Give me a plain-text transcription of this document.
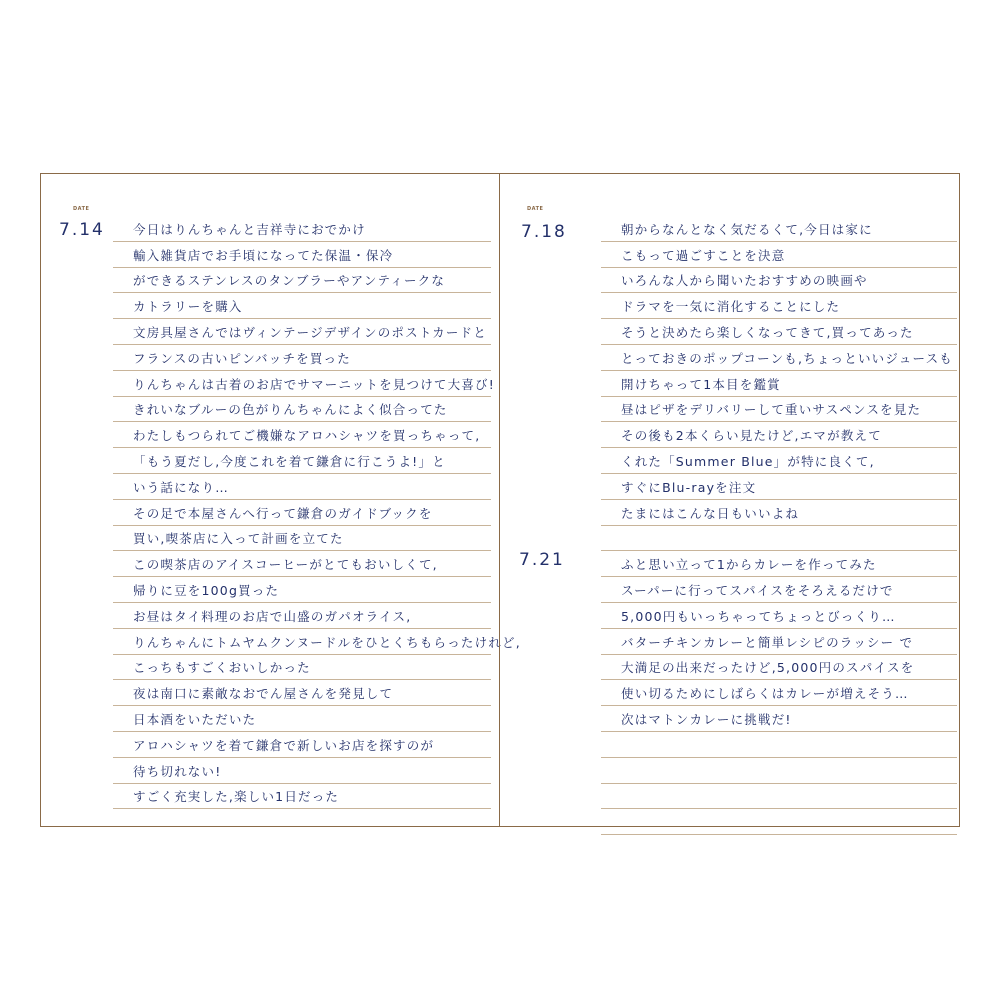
DATE
7.14 今日はりんちゃんと吉祥寺におでかけ
輸入雑貨店でお手頃になってた保温・保冷
ができるステンレスのタンブラーやアンティークな
カトラリーを購入
文房具屋さんではヴィンテージデザインのポストカードと
フランスの古いピンバッチを買った
りんちゃんは古着のお店でサマーニットを見つけて大喜び!
きれいなブルーの色がりんちゃんによく似合ってた
わたしもつられてご機嫌なアロハシャツを買っちゃって,
「もう夏だし,今度これを着て鎌倉に行こうよ!」と
いう話になり…
その足で本屋さんへ行って鎌倉のガイドブックを
買い,喫茶店に入って計画を立てた
この喫茶店のアイスコーヒーがとてもおいしくて,
帰りに豆を100g買った
お昼はタイ料理のお店で山盛のガパオライス,
りんちゃんにトムヤムクンヌードルをひとくちもらったけれど,
こっちもすごくおいしかった
夜は南口に素敵なおでん屋さんを発見して
日本酒をいただいた
アロハシャツを着て鎌倉で新しいお店を探すのが
待ち切れない!
すごく充実した,楽しい1日だった
DATE
7.18
7.21
朝からなんとなく気だるくて,今日は家に
こもって過ごすことを決意
いろんな人から聞いたおすすめの映画や
ドラマを一気に消化することにした
そうと決めたら楽しくなってきて,買ってあった
とっておきのポップコーンも,ちょっといいジュースも
開けちゃって1本目を鑑賞
昼はピザをデリバリーして重いサスペンスを見た
その後も2本くらい見たけど,エマが教えて
くれた「Summer Blue」が特に良くて,
すぐにBlu-rayを注文
たまにはこんな日もいいよね
ふと思い立って1からカレーを作ってみた
スーパーに行ってスパイスをそろえるだけで
5,000円もいっちゃってちょっとびっくり…
バターチキンカレーと簡単レシピのラッシー で
大満足の出来だったけど,5,000円のスパイスを
使い切るためにしばらくはカレーが増えそう…
次はマトンカレーに挑戦だ!
